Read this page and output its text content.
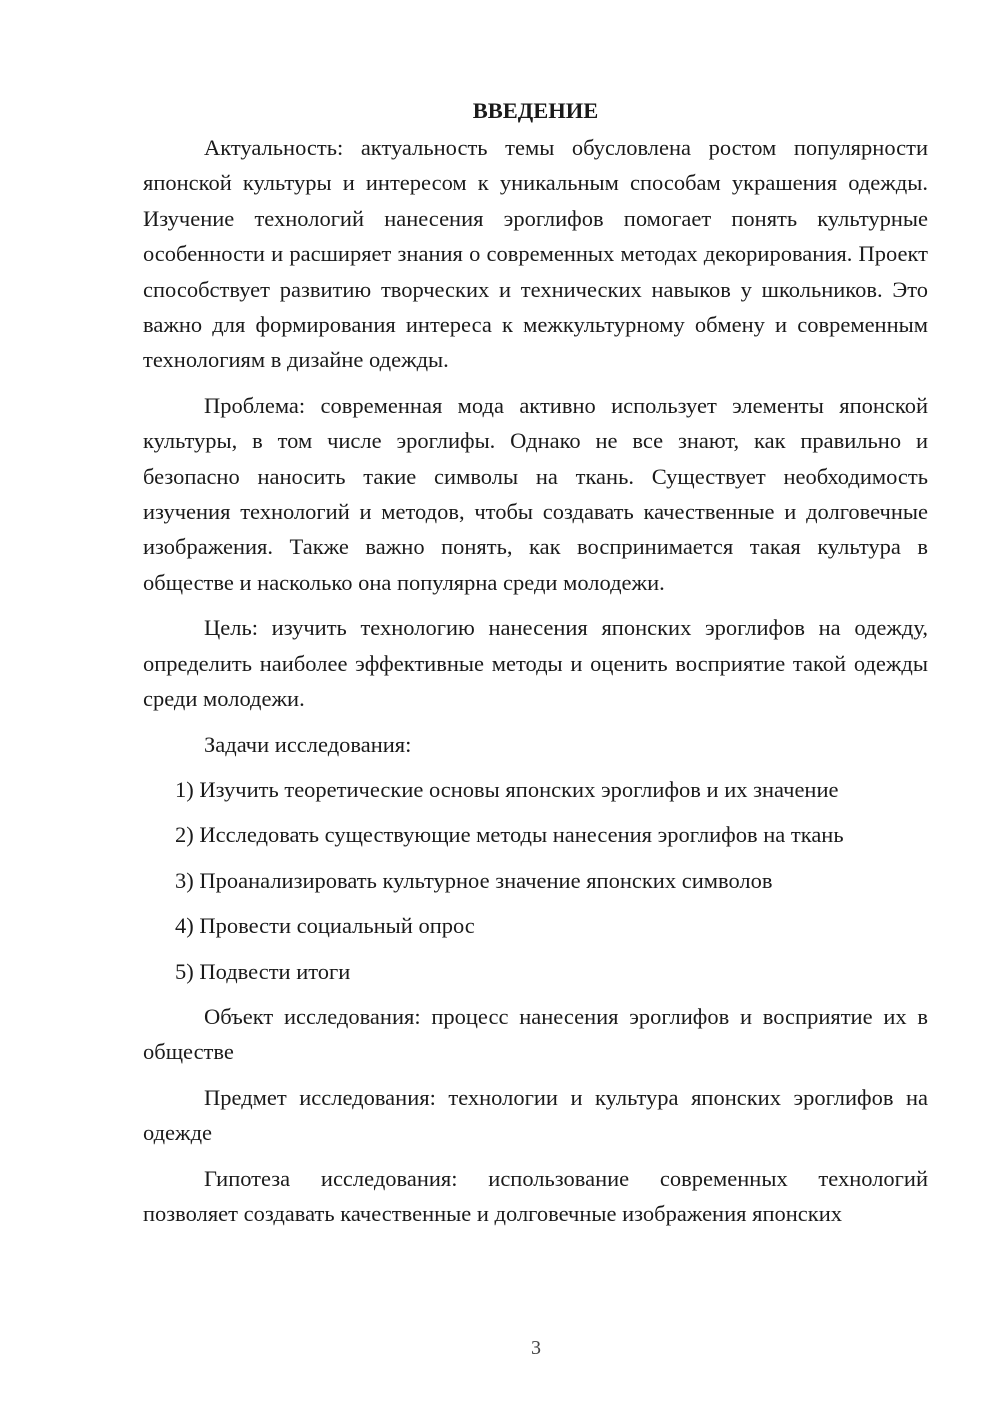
ВВЕДЕНИЕ

Актуальность: актуальность темы обусловлена ростом популярности японской культуры и интересом к уникальным способам украшения одежды. Изучение технологий нанесения эроглифов помогает понять культурные особенности и расширяет знания о современных методах декорирования. Проект способствует развитию творческих и технических навыков у школьников. Это важно для формирования интереса к межкультурному обмену и современным технологиям в дизайне одежды.

Проблема: современная мода активно использует элементы японской культуры, в том числе эроглифы. Однако не все знают, как правильно и безопасно наносить такие символы на ткань. Существует необходимость изучения технологий и методов, чтобы создавать качественные и долговечные изображения. Также важно понять, как воспринимается такая культура в обществе и насколько она популярна среди молодежи.

Цель: изучить технологию нанесения японских эроглифов на одежду, определить наиболее эффективные методы и оценить восприятие такой одежды среди молодежи.

Задачи исследования:

1) Изучить теоретические основы японских эроглифов и их значение
2) Исследовать существующие методы нанесения эроглифов на ткань
3) Проанализировать культурное значение японских символов
4) Провести социальный опрос
5) Подвести итоги

Объект исследования: процесс нанесения эроглифов и восприятие их в обществе

Предмет исследования: технологии и культура японских эроглифов на одежде

Гипотеза исследования: использование современных технологий позволяет создавать качественные и долговечные изображения японских

3
